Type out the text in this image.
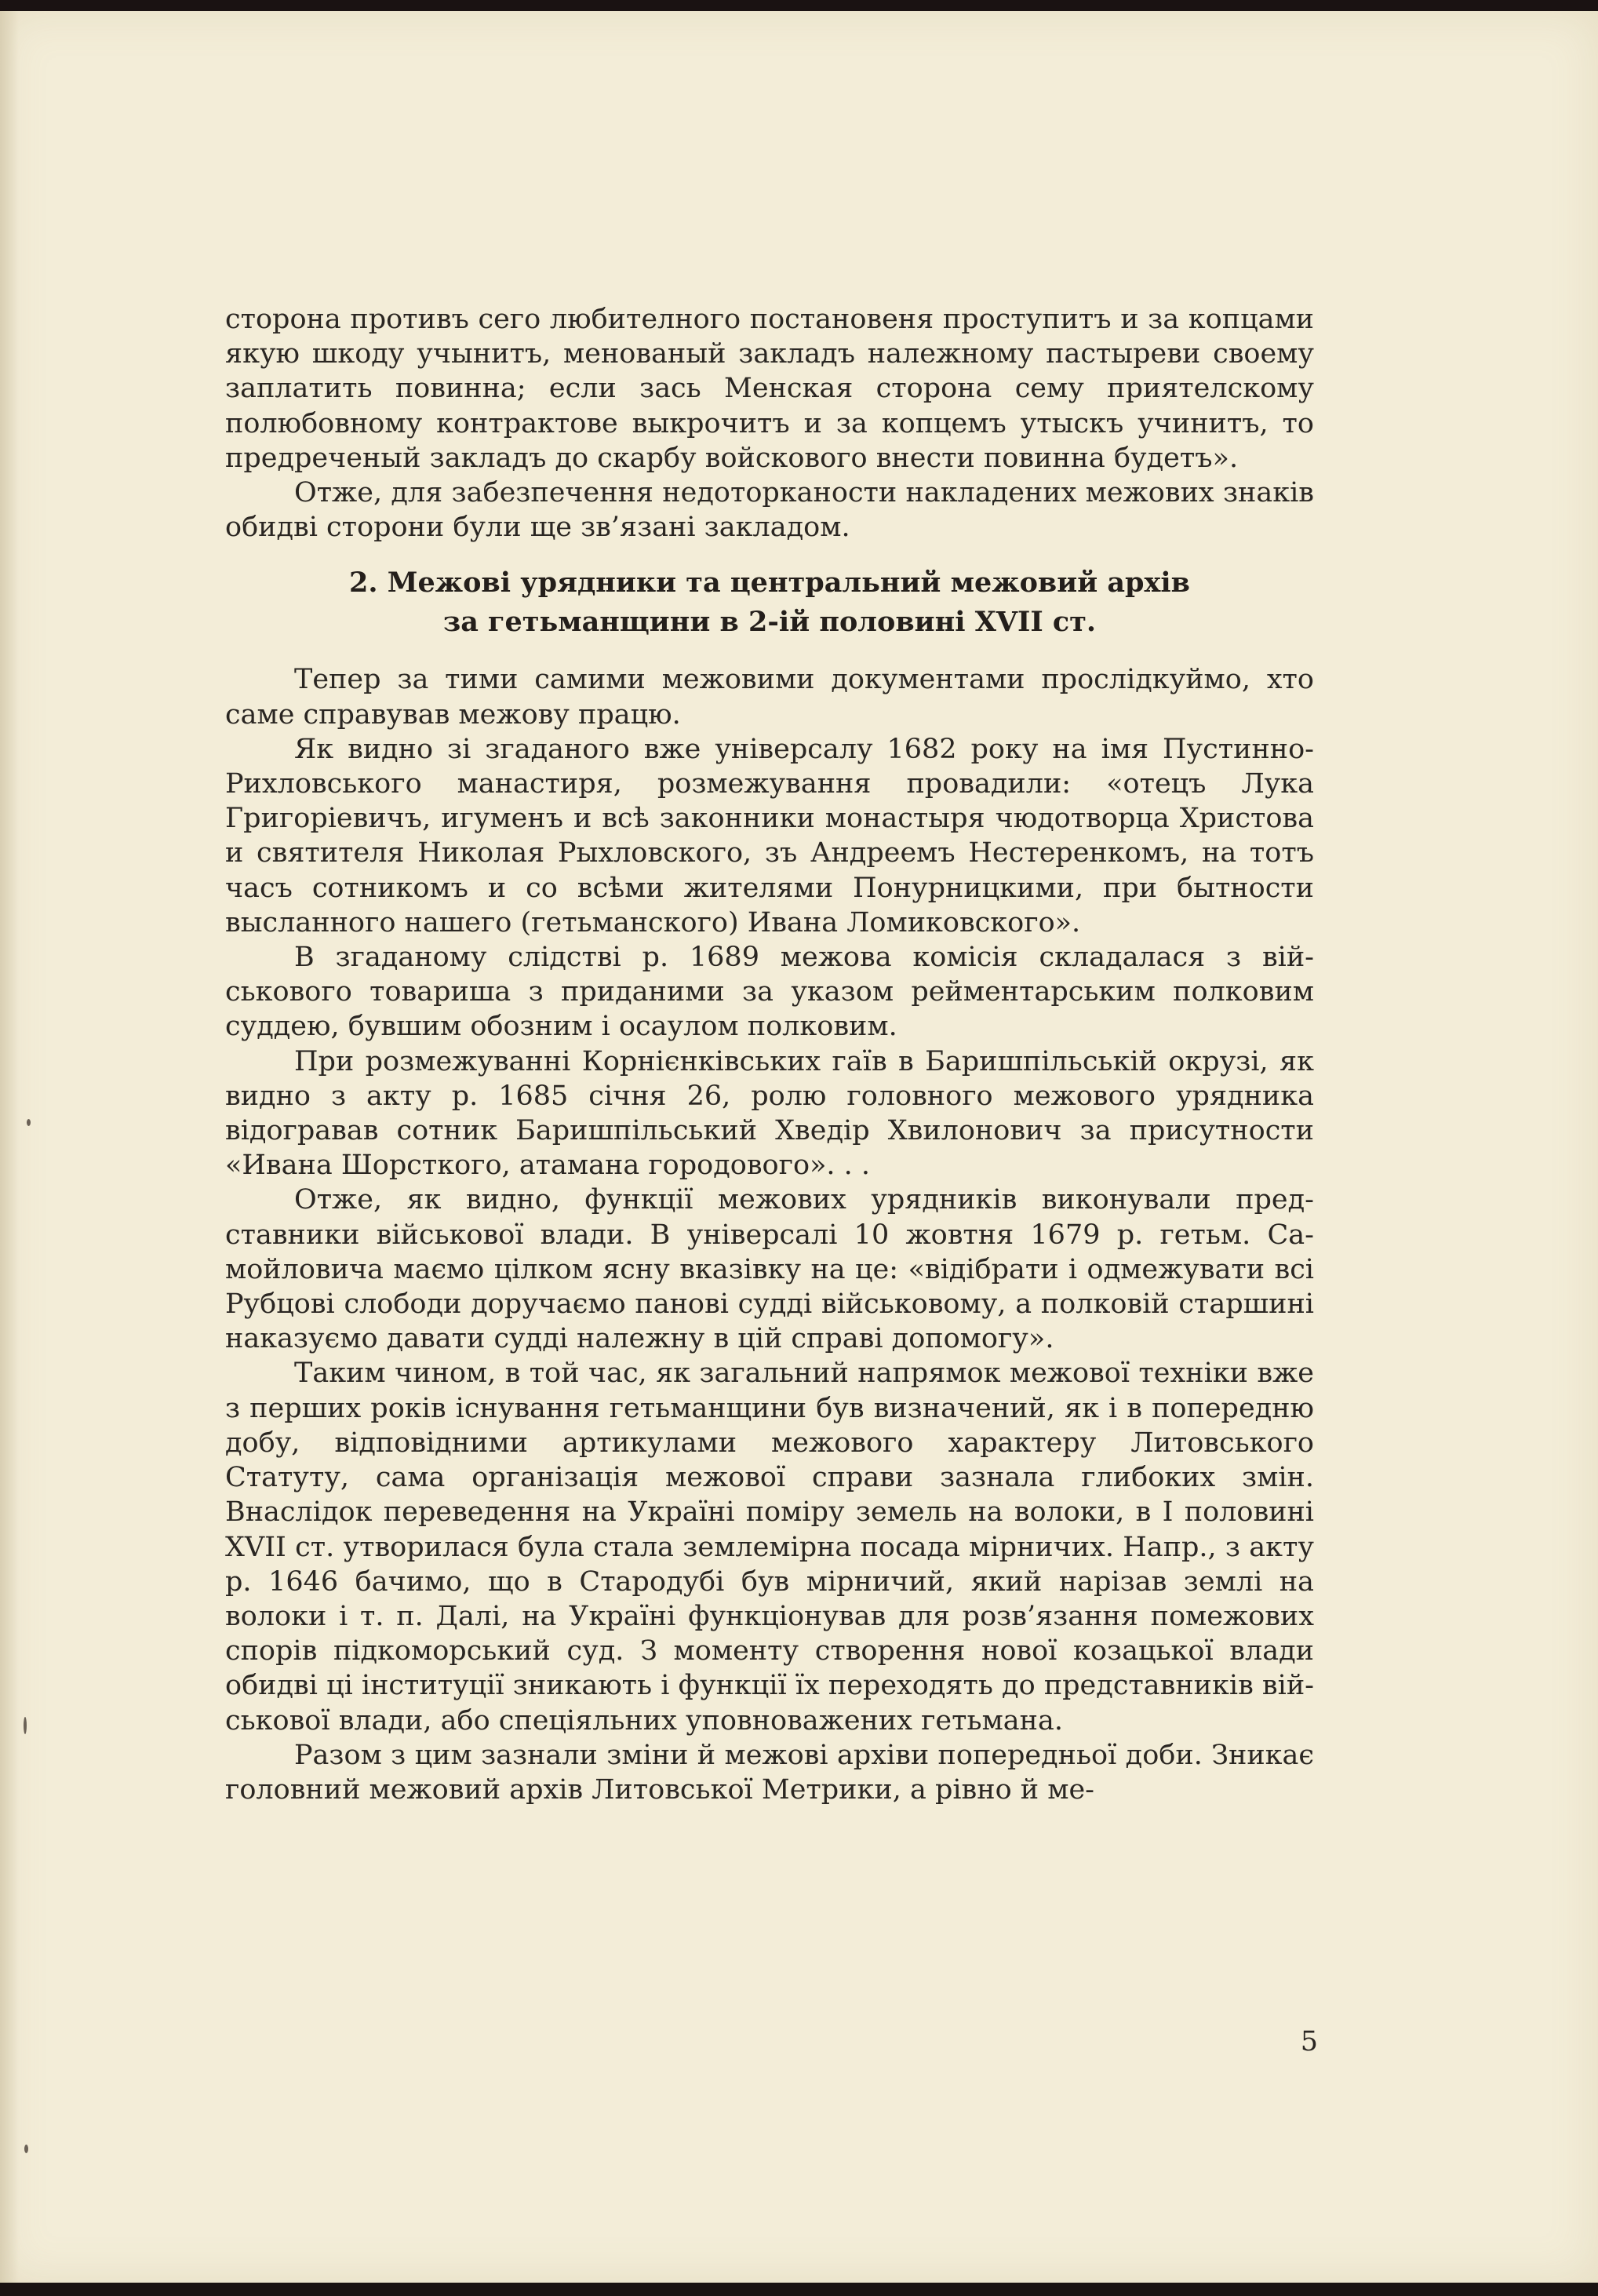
сторона противъ сего любителного постановеня проступитъ и за копцами якую шкоду учынитъ, менованый закладъ належному пастыреви своему заплатить повинна; если зась Менская сторона сему приятелскому полюбовному контрактове выкрочитъ и за копцемъ утыскъ учинитъ, то предреченый закладъ до скарбу войскового внести повинна будетъ».

Отже, для забезпечення недоторканости накладених межових знаків обидві сторони були ще зв’язані закладом.

2. Межові урядники та центральний межовий архів
за гетьманщини в 2-ій половині XVII ст.

Тепер за тими самими межовими документами прослідкуймо, хто саме справував межову працю.

Як видно зі згаданого вже універсалу 1682 року на імя Пустинно-Рихловського манастиря, розмежування провадили: «отецъ Лука Григоріевичъ, игуменъ и всѣ законники монастыря чюдотворца Христова и святителя Николая Рыхловского, зъ Андреемъ Нестеренкомъ, на тотъ часъ сотникомъ и со всѣми жителями Понурницкими, при бытности высланного нашего (гетьманского) Ивана Ломиковского».

В згаданому слідстві р. 1689 межова комісія складалася з військового товариша з приданими за указом рейментарським полковим суддею, бувшим обозним і осаулом полковим.

При розмежуванні Корнієнківських гаїв в Баришпільській окрузі, як видно з акту р. 1685 січня 26, ролю головного межового урядника відогравав сотник Баришпільський Хведір Хвилонович за присутности «Ивана Шорсткого, атамана городового». . .

Отже, як видно, функції межових урядників виконували представники військової влади. В універсалі 10 жовтня 1679 р. гетьм. Самойловича маємо цілком ясну вказівку на це: «відібрати і одмежувати всі Рубцові слободи доручаємо панові судді військовому, а полковій старшині наказуємо давати судді належну в цій справі допомогу».

Таким чином, в той час, як загальний напрямок межової техніки вже з перших років існування гетьманщини був визначений, як і в попередню добу, відповідними артикулами межового характеру Литовського Статуту, сама організація межової справи зазнала глибоких змін. Внаслідок переведення на Україні поміру земель на волоки, в І половині XVII ст. утворилася була стала землемірна посада мірничих. Напр., з акту р. 1646 бачимо, що в Стародубі був мірничий, який нарізав землі на волоки і т. п. Далі, на Україні функціонував для розв’язання помежових спорів підкоморський суд. З моменту створення нової козацької влади обидві ці інституції зникають і функції їх переходять до представників військової влади, або спеціяльних уповноважених гетьмана.

Разом з цим зазнали зміни й межові архіви попередньої доби. Зникає головний межовий архів Литовської Метрики, а рівно й ме-

5
